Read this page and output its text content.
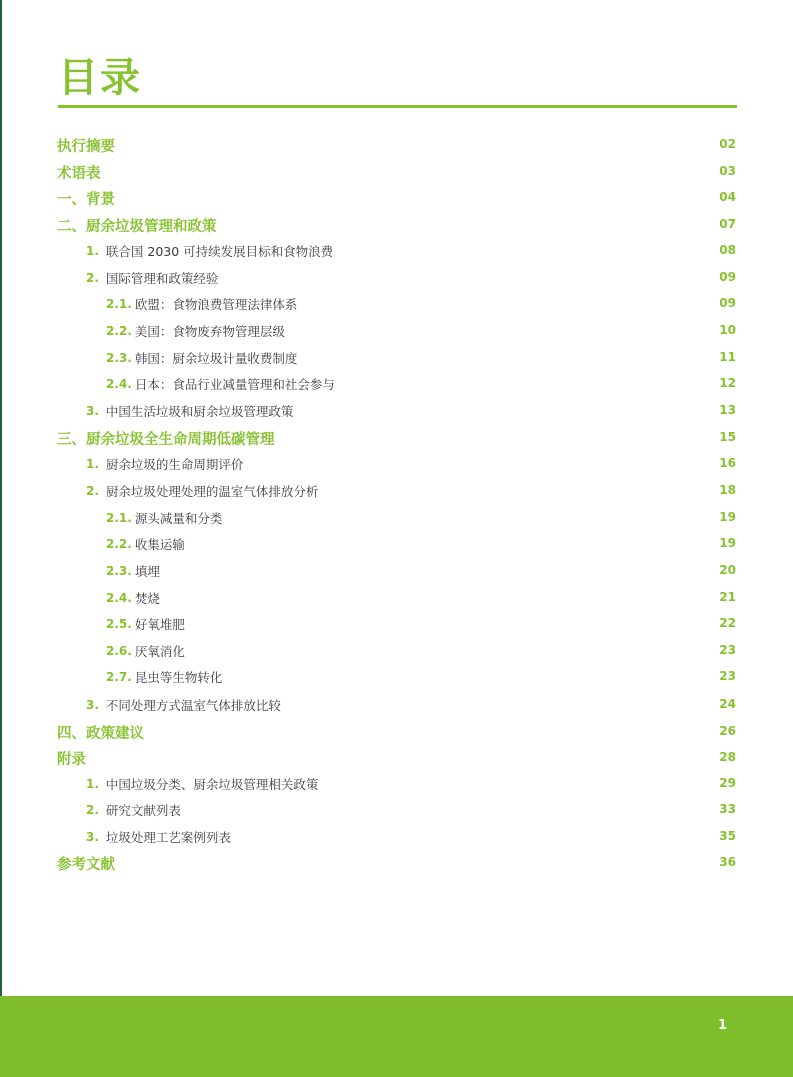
目录
执行摘要	02
术语表	03
一、背景	04
二、厨余垃圾管理和政策	07
1. 联合国 2030 可持续发展目标和食物浪费	08
2. 国际管理和政策经验	09
2.1. 欧盟：食物浪费管理法律体系	09
2.2. 美国：食物废弃物管理层级	10
2.3. 韩国：厨余垃圾计量收费制度	11
2.4. 日本：食品行业减量管理和社会参与	12
3. 中国生活垃圾和厨余垃圾管理政策	13
三、厨余垃圾全生命周期低碳管理	15
1. 厨余垃圾的生命周期评价	16
2. 厨余垃圾处理处理的温室气体排放分析	18
2.1. 源头减量和分类	19
2.2. 收集运输	19
2.3. 填埋	20
2.4. 焚烧	21
2.5. 好氧堆肥	22
2.6. 厌氧消化	23
2.7. 昆虫等生物转化	23
3. 不同处理方式温室气体排放比较	24
四、政策建议	26
附录	28
1. 中国垃圾分类、厨余垃圾管理相关政策	29
2. 研究文献列表	33
3. 垃圾处理工艺案例列表	35
参考文献	36
1
